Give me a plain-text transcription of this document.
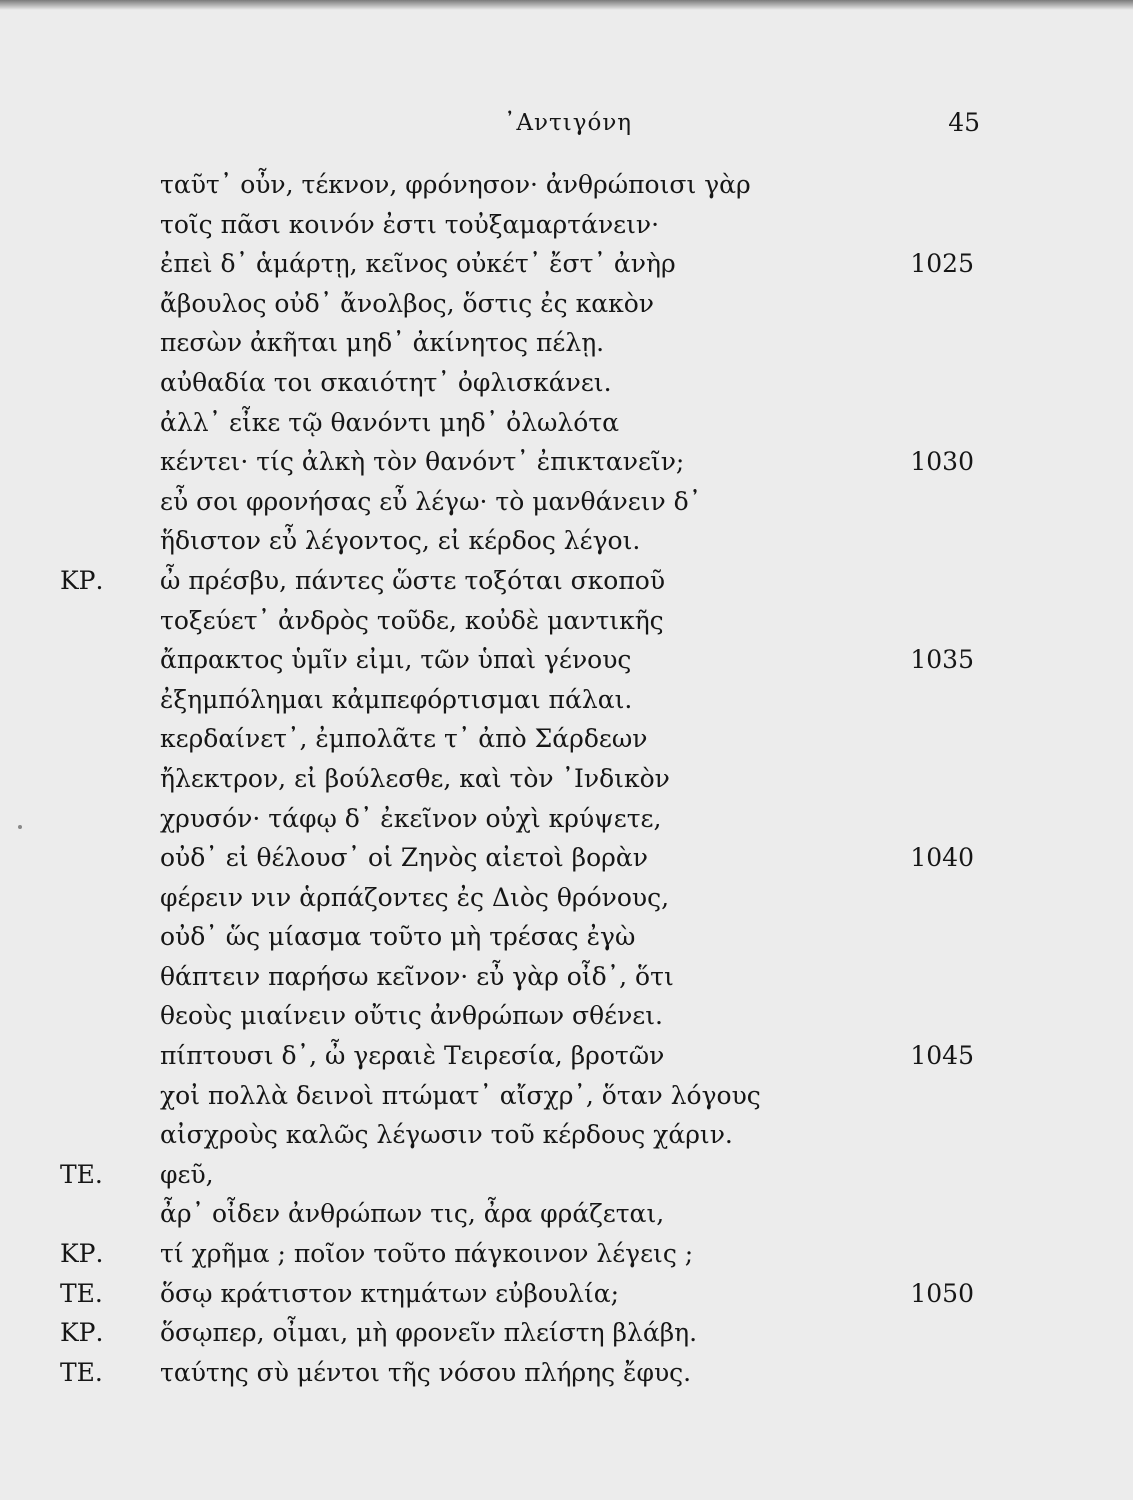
᾿Αντιγόνη	45
ταῦτ᾿ οὖν, τέκνον, φρόνησον· ἀνθρώποισι γὰρ
τοῖς πᾶσι κοινόν ἐστι τοὐξαμαρτάνειν·
ἐπεὶ δ᾿ ἁμάρτῃ, κεῖνος οὐκέτ᾿ ἔστ᾿ ἀνὴρ	1025
ἄβουλος οὐδ᾿ ἄνολβος, ὅστις ἐς κακὸν
πεσὼν ἀκῆται μηδ᾿ ἀκίνητος πέλῃ.
αὐθαδία τοι σκαιότητ᾿ ὀφλισκάνει.
ἀλλ᾿ εἶκε τῷ θανόντι μηδ᾿ ὀλωλότα
κέντει· τίς ἀλκὴ τὸν θανόντ᾿ ἐπικτανεῖν;	1030
εὖ σοι φρονήσας εὖ λέγω· τὸ μανθάνειν δ᾿
ἥδιστον εὖ λέγοντος, εἰ κέρδος λέγοι.
ΚΡ.	ὦ πρέσβυ, πάντες ὥστε τοξόται σκοποῦ
τοξεύετ᾿ ἀνδρὸς τοῦδε, κοὐδὲ μαντικῆς
ἄπρακτος ὑμῖν εἰμι, τῶν ὑπαὶ γένους	1035
ἐξημπόλημαι κἀμπεφόρτισμαι πάλαι.
κερδαίνετ᾿, ἐμπολᾶτε τ᾿ ἀπὸ Σάρδεων
ἤλεκτρον, εἰ βούλεσθε, καὶ τὸν ᾿Ινδικὸν
χρυσόν· τάφῳ δ᾿ ἐκεῖνον οὐχὶ κρύψετε,
οὐδ᾿ εἰ θέλουσ᾿ οἱ Ζηνὸς αἰετοὶ βορὰν	1040
φέρειν νιν ἁρπάζοντες ἐς Διὸς θρόνους,
οὐδ᾿ ὥς μίασμα τοῦτο μὴ τρέσας ἐγὼ
θάπτειν παρήσω κεῖνον· εὖ γὰρ οἶδ᾿, ὅτι
θεοὺς μιαίνειν οὔτις ἀνθρώπων σθένει.
πίπτουσι δ᾿, ὦ γεραιὲ Τειρεσία, βροτῶν	1045
χοἰ πολλὰ δεινοὶ πτώματ᾿ αἴσχρ᾿, ὅταν λόγους
αἰσχροὺς καλῶς λέγωσιν τοῦ κέρδους χάριν.
ΤΕ.	φεῦ,
ἆρ᾿ οἶδεν ἀνθρώπων τις, ἆρα φράζεται,
ΚΡ.	τί χρῆμα ; ποῖον τοῦτο πάγκοινον λέγεις ;
ΤΕ.	ὅσῳ κράτιστον κτημάτων εὐβουλία;	1050
ΚΡ.	ὅσῳπερ, οἶμαι, μὴ φρονεῖν πλείστη βλάβη.
ΤΕ.	ταύτης σὺ μέντοι τῆς νόσου πλήρης ἔφυς.
